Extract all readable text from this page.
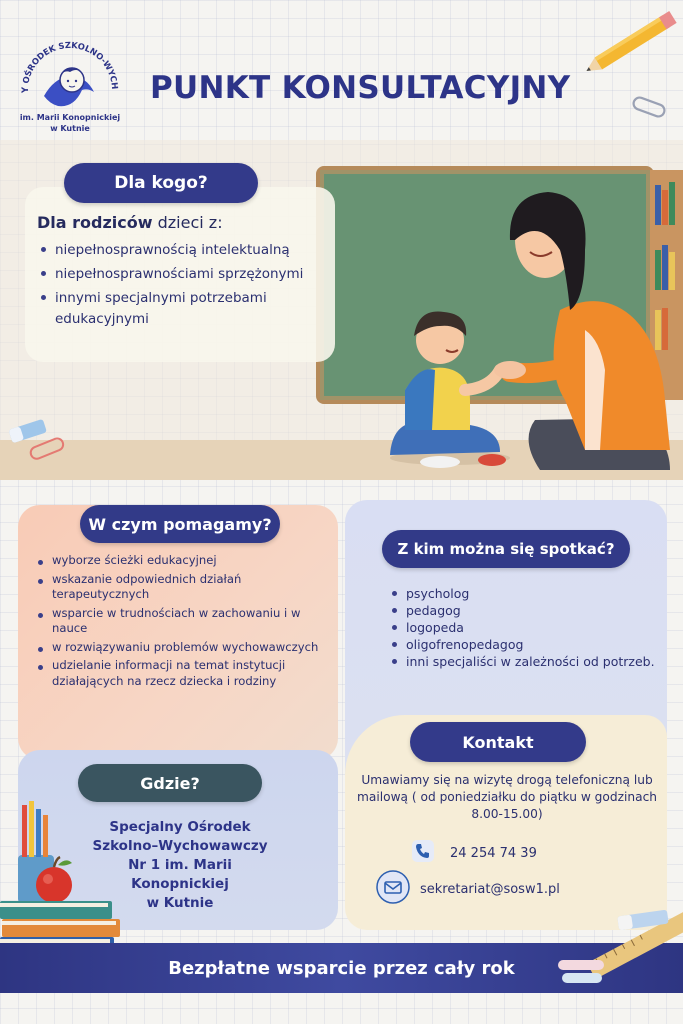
Y OŚRODEK SZKOLNO-WYCH
im. Marii Konopnickiej
w Kutnie
PUNKT KONSULTACYJNY
Dla rodziców dzieci z:
niepełnosprawnością intelektualną
niepełnosprawnościami sprzężonymi
innymi specjalnymi potrzebami edukacyjnymi
Dla kogo?
wyborze ścieżki edukacyjnej
wskazanie odpowiednich działań terapeutycznych
wsparcie w trudnościach w zachowaniu i w nauce
w rozwiązywaniu problemów wychowawczych
udzielanie informacji na temat instytucji działających na rzecz dziecka i rodziny
W czym pomagamy?
Z kim można się spotkać?
psycholog
pedagog
logopeda
oligofrenopedagog
inni specjaliści w zależności od potrzeb.
Gdzie?
Specjalny Ośrodek
Szkolno–Wychowawczy
Nr 1 im. Marii Konopnickiej
w Kutnie
Kontakt
Umawiamy się na wizytę drogą telefoniczną lub mailową ( od poniedziałku do piątku w godzinach 8.00-15.00)
24 254 74 39
sekretariat@sosw1.pl
Bezpłatne wsparcie przez cały rok
